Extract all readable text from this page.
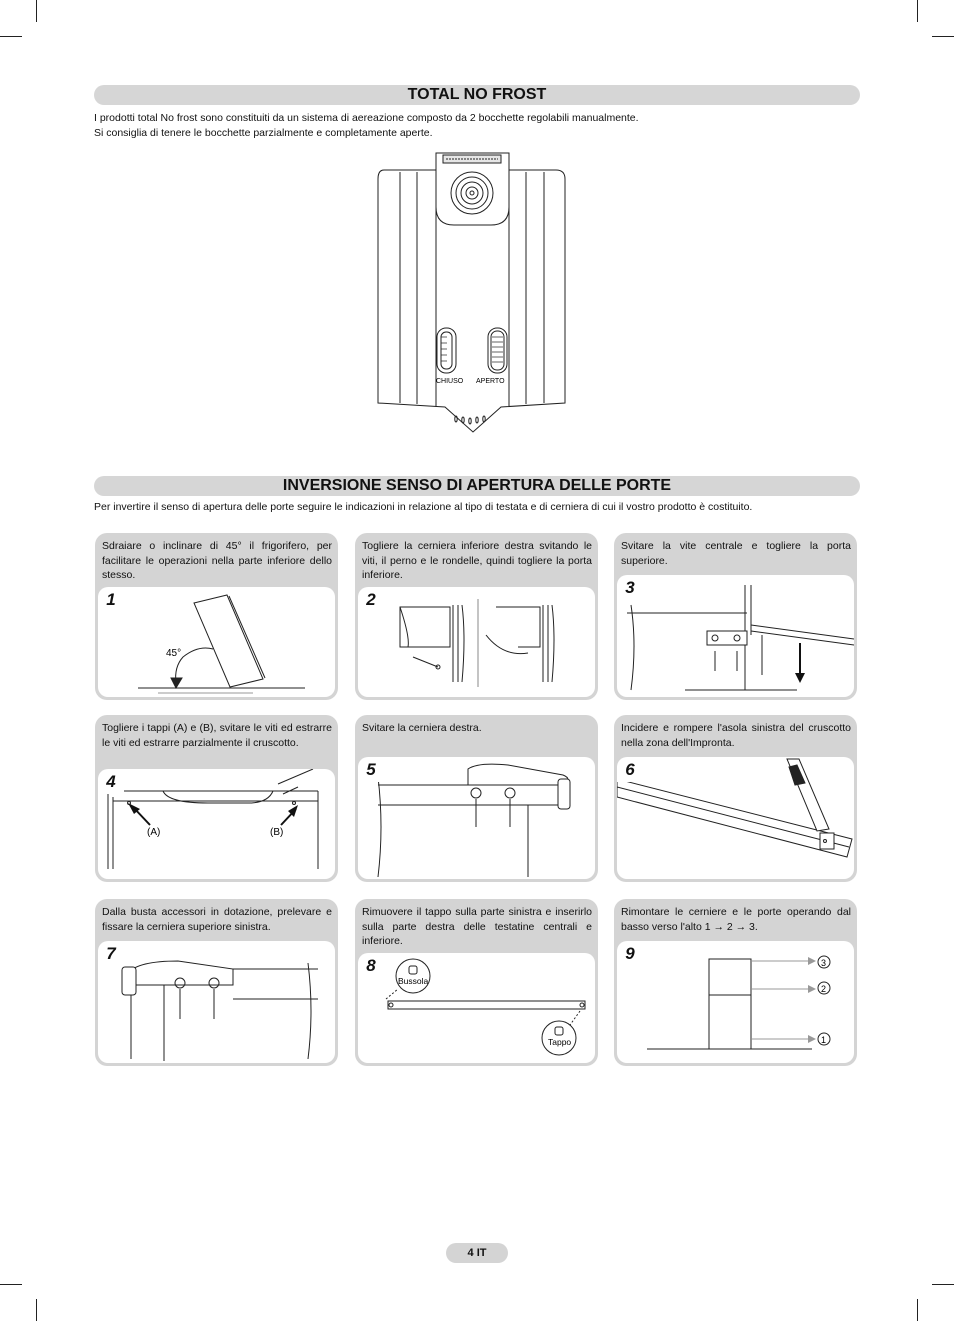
TOTAL NO FROST
I prodotti total No frost sono constituiti da un sistema di aereazione composto da 2 bocchette regolabili manualmente.
Si consiglia di tenere le bocchette parzialmente e completamente aperte.
CHIUSO APERTO
INVERSIONE SENSO DI APERTURA DELLE PORTE
Per invertire il senso di apertura delle porte seguire le indicazioni in relazione al tipo di testata e di cerniera di cui il vostro prodotto è costituito.
Sdraiare o inclinare di 45° il frigorifero, per facilitare le operazioni nella parte inferiore dello stesso.
1
45°
Togliere la cerniera inferiore destra svitando le viti, il perno e le rondelle, quindi togliere la porta inferiore.
2
Svitare la vite centrale e togliere la porta superiore.
3
Togliere i tappi (A) e (B), svitare le viti ed estrarre le viti ed estrarre parzialmente il cruscotto.
4
(A)	(B)
Svitare la cerniera destra.
5
Incidere e rompere l'asola sinistra del cruscotto nella zona dell'Impronta.
6
Dalla busta accessori in dotazione, prelevare e fissare la cerniera superiore sinistra.
7
Rimuovere il tappo sulla parte sinistra e inserirlo sulla parte destra delle testatine centrali e inferiore.
8
Bussola
Tappo
Rimontare le cerniere e le porte operando dal basso verso l'alto 1 → 2 → 3.
9	3
2
1
4 IT
